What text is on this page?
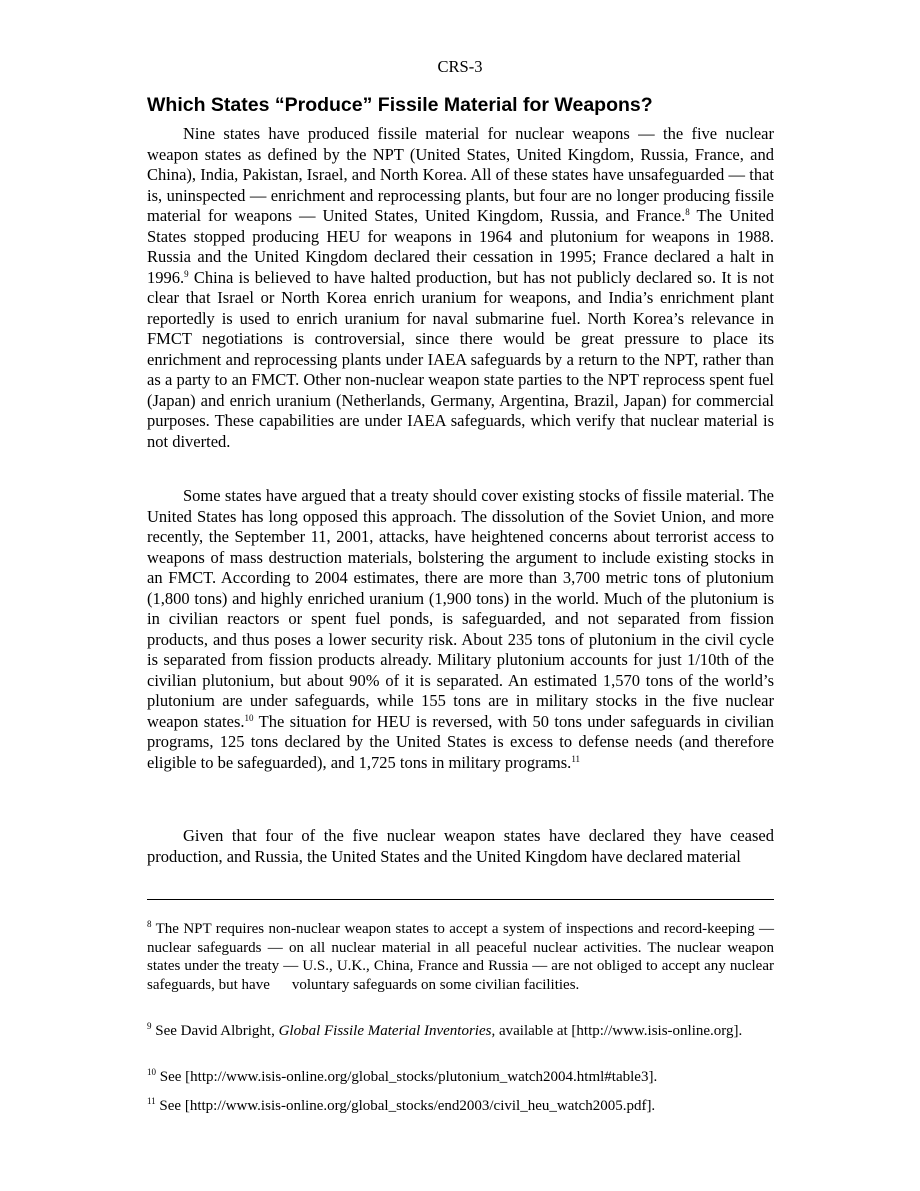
CRS-3
Which States “Produce” Fissile Material for Weapons?

Nine states have produced fissile material for nuclear weapons — the five nuclear weapon states as defined by the NPT (United States, United Kingdom, Russia, France, and China), India, Pakistan, Israel, and North Korea. All of these states have unsafeguarded — that is, uninspected — enrichment and reprocessing plants, but four are no longer producing fissile material for weapons — United States, United Kingdom, Russia, and France.$^8$ The United States stopped producing HEU for weapons in 1964 and plutonium for weapons in 1988. Russia and the United Kingdom declared their cessation in 1995; France declared a halt in 1996.$^9$ China is believed to have halted production, but has not publicly declared so. It is not clear that Israel or North Korea enrich uranium for weapons, and India’s enrichment plant reportedly is used to enrich uranium for naval submarine fuel. North Korea’s relevance in FMCT negotiations is controversial, since there would be great pressure to place its enrichment and reprocessing plants under IAEA safeguards by a return to the NPT, rather than as a party to an FMCT. Other non-nuclear weapon state parties to the NPT reprocess spent fuel (Japan) and enrich uranium (Netherlands, Germany, Argentina, Brazil, Japan) for commercial purposes. These capabilities are under IAEA safeguards, which verify that nuclear material is not diverted.

Some states have argued that a treaty should cover existing stocks of fissile material. The United States has long opposed this approach. The dissolution of the Soviet Union, and more recently, the September 11, 2001, attacks, have heightened concerns about terrorist access to weapons of mass destruction materials, bolstering the argument to include existing stocks in an FMCT. According to 2004 estimates, there are more than 3,700 metric tons of plutonium (1,800 tons) and highly enriched uranium (1,900 tons) in the world. Much of the plutonium is in civilian reactors or spent fuel ponds, is safeguarded, and not separated from fission products, and thus poses a lower security risk. About 235 tons of plutonium in the civil cycle is separated from fission products already. Military plutonium accounts for just 1/10th of the civilian plutonium, but about 90% of it is separated. An estimated 1,570 tons of the world’s plutonium are under safeguards, while 155 tons are in military stocks in the five nuclear weapon states.$^{10}$ The situation for HEU is reversed, with 50 tons under safeguards in civilian programs, 125 tons declared by the United States is excess to defense needs (and therefore eligible to be safeguarded), and 1,725 tons in military programs.$^{11}$

Given that four of the five nuclear weapon states have declared they have ceased production, and Russia, the United States and the United Kingdom have declared material

$^8$ The NPT requires non-nuclear weapon states to accept a system of inspections and record-keeping — nuclear safeguards — on all nuclear material in all peaceful nuclear activities. The nuclear weapon states under the treaty — U.S., U.K., China, France and Russia — are not obliged to accept any nuclear safeguards, but have voluntary safeguards on some civilian facilities.

$^9$ See David Albright, Global Fissile Material Inventories, available at [http://www.isis-online.org].

$^{10}$ See [http://www.isis-online.org/global_stocks/plutonium_watch2004.html#table3].

$^{11}$ See [http://www.isis-online.org/global_stocks/end2003/civil_heu_watch2005.pdf].
